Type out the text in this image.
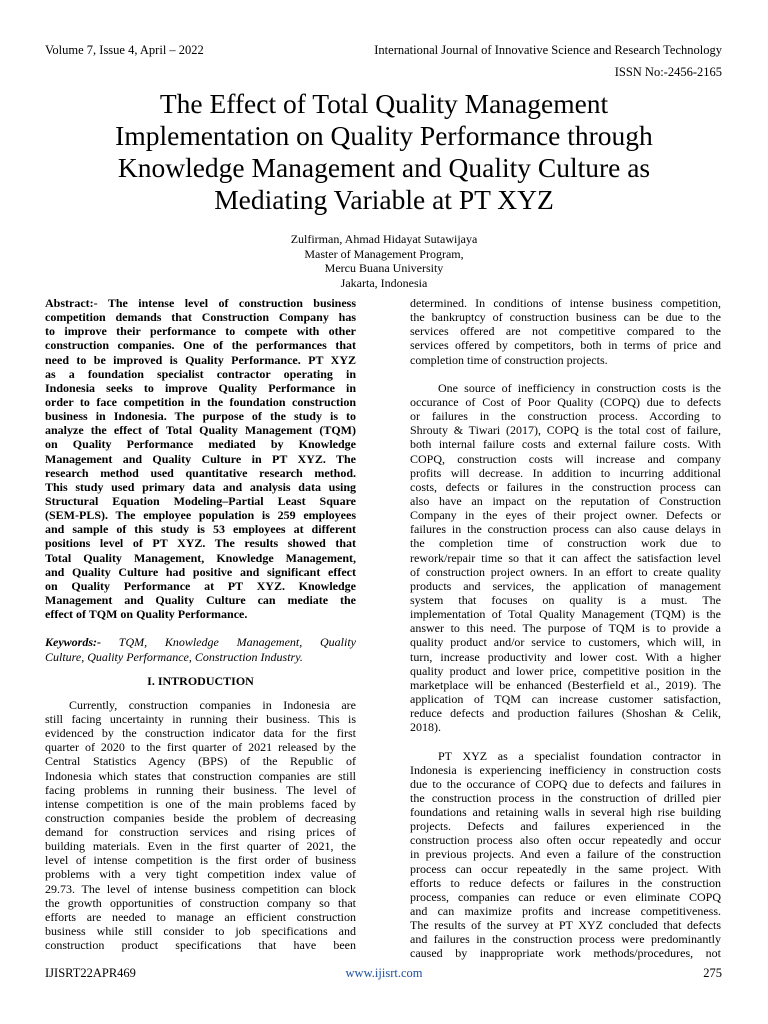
Volume 7, Issue 4, April – 2022	International Journal of Innovative Science and Research Technology
ISSN No:-2456-2165
The Effect of Total Quality Management
Implementation on Quality Performance through
Knowledge Management and Quality Culture as
Mediating Variable at PT XYZ
Zulfirman, Ahmad Hidayat Sutawijaya
Master of Management Program,
Mercu Buana University
Jakarta, Indonesia
Abstract:- The intense level of construction business
competition demands that Construction Company has
to improve their performance to compete with other
construction companies. One of the performances that
need to be improved is Quality Performance. PT XYZ
as a foundation specialist contractor operating in
Indonesia seeks to improve Quality Performance in
order to face competition in the foundation construction
business in Indonesia. The purpose of the study is to
analyze the effect of Total Quality Management (TQM)
on Quality Performance mediated by Knowledge
Management and Quality Culture in PT XYZ. The
research method used quantitative research method.
This study used primary data and analysis data using
Structural Equation Modeling–Partial Least Square
(SEM-PLS). The employee population is 259 employees
and sample of this study is 53 employees at different
positions level of PT XYZ. The results showed that
Total Quality Management, Knowledge Management,
and Quality Culture had positive and significant effect
on Quality Performance at PT XYZ. Knowledge
Management and Quality Culture can mediate the
effect of TQM on Quality Performance.
Keywords:- TQM, Knowledge Management, Quality
Culture, Quality Performance, Construction Industry.
I. INTRODUCTION
Currently, construction companies in Indonesia are
still facing uncertainty in running their business. This is
evidenced by the construction indicator data for the first
quarter of 2020 to the first quarter of 2021 released by the
Central Statistics Agency (BPS) of the Republic of
Indonesia which states that construction companies are still
facing problems in running their business. The level of
intense competition is one of the main problems faced by
construction companies beside the problem of decreasing
demand for construction services and rising prices of
building materials. Even in the first quarter of 2021, the
level of intense competition is the first order of business
problems with a very tight competition index value of
29.73. The level of intense business competition can block
the growth opportunities of construction company so that
efforts are needed to manage an efficient construction
business while still consider to job specifications and
construction product specifications that have been
determined. In conditions of intense business competition,
the bankruptcy of construction business can be due to the
services offered are not competitive compared to the
services offered by competitors, both in terms of price and
completion time of construction projects.
One source of inefficiency in construction costs is the
occurance of Cost of Poor Quality (COPQ) due to defects
or failures in the construction process. According to
Shrouty & Tiwari (2017), COPQ is the total cost of failure,
both internal failure costs and external failure costs. With
COPQ, construction costs will increase and company
profits will decrease. In addition to incurring additional
costs, defects or failures in the construction process can
also have an impact on the reputation of Construction
Company in the eyes of their project owner. Defects or
failures in the construction process can also cause delays in
the completion time of construction work due to
rework/repair time so that it can affect the satisfaction level
of construction project owners. In an effort to create quality
products and services, the application of management
system that focuses on quality is a must. The
implementation of Total Quality Management (TQM) is the
answer to this need. The purpose of TQM is to provide a
quality product and/or service to customers, which will, in
turn, increase productivity and lower cost. With a higher
quality product and lower price, competitive position in the
marketplace will be enhanced (Besterfield et al., 2019). The
application of TQM can increase customer satisfaction,
reduce defects and production failures (Shoshan & Celik,
2018).
PT XYZ as a specialist foundation contractor in
Indonesia is experiencing inefficiency in construction costs
due to the occurance of COPQ due to defects and failures in
the construction process in the construction of drilled pier
foundations and retaining walls in several high rise building
projects. Defects and failures experienced in the
construction process also often occur repeatedly and occur
in previous projects. And even a failure of the construction
process can occur repeatedly in the same project. With
efforts to reduce defects or failures in the construction
process, companies can reduce or even eliminate COPQ
and can maximize profits and increase competitiveness.
The results of the survey at PT XYZ concluded that defects
and failures in the construction process were predominantly
caused by inappropriate work methods/procedures, not
IJISRT22APR469	www.ijisrt.com	275
